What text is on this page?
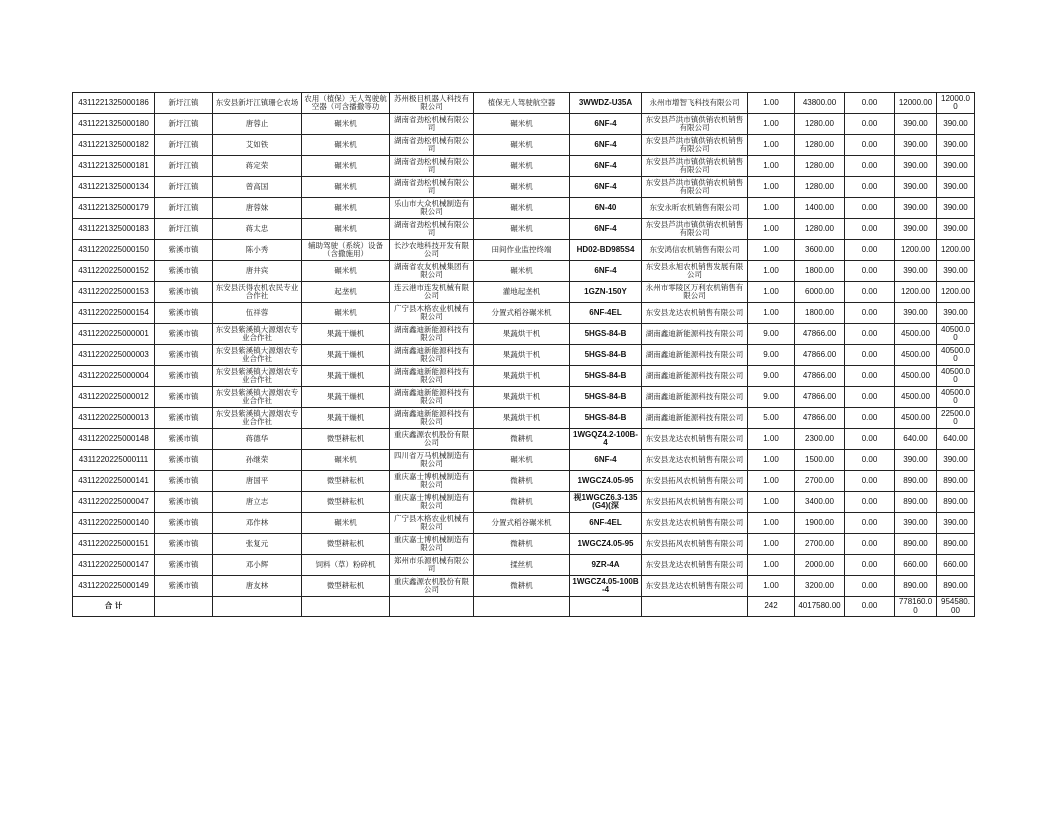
4311221325000186	新圩江镇	东安县新圩江镇珊仑农场	农用（植保）无人驾驶航空器（可含播撒等功	苏州极目机器人科技有限公司	植保无人驾驶航空器	3WWDZ-U35A	永州市增智飞科技有限公司	1.00	43800.00	0.00	12000.00	12000.00
4311221325000180	新圩江镇	唐蓉止	碾米机	湖南省劲松机械有限公司	碾米机	6NF-4	东安县芦洪市镇供销农机销售有限公司	1.00	1280.00	0.00	390.00	390.00
4311221325000182	新圩江镇	艾如铁	碾米机	湖南省劲松机械有限公司	碾米机	6NF-4	东安县芦洪市镇供销农机销售有限公司	1.00	1280.00	0.00	390.00	390.00
4311221325000181	新圩江镇	蒋定荣	碾米机	湖南省劲松机械有限公司	碾米机	6NF-4	东安县芦洪市镇供销农机销售有限公司	1.00	1280.00	0.00	390.00	390.00
4311221325000134	新圩江镇	曾高国	碾米机	湖南省劲松机械有限公司	碾米机	6NF-4	东安县芦洪市镇供销农机销售有限公司	1.00	1280.00	0.00	390.00	390.00
4311221325000179	新圩江镇	唐蓉妹	碾米机	乐山市大众机械制造有限公司	碾米机	6N-40	东安永昕农机销售有限公司	1.00	1400.00	0.00	390.00	390.00
4311221325000183	新圩江镇	蒋太忠	碾米机	湖南省劲松机械有限公司	碾米机	6NF-4	东安县芦洪市镇供销农机销售有限公司	1.00	1280.00	0.00	390.00	390.00
4311220225000150	紫溪市镇	陈小秀	辅助驾驶（系统）设备（含撒施用）	长沙农地科技开发有限公司	田间作业监控终端	HD02-BD985S4	东安鸿信农机销售有限公司	1.00	3600.00	0.00	1200.00	1200.00
4311220225000152	紫溪市镇	唐井宾	碾米机	湖南省农友机械集团有限公司	碾米机	6NF-4	东安县永旭农机销售发展有限公司	1.00	1800.00	0.00	390.00	390.00
4311220225000153	紫溪市镇	东安县沃得农机农民专业合作社	起垄机	连云港市连发机械有限公司	灌地起垄机	1GZN-150Y	永州市零陵区万利农机销售有限公司	1.00	6000.00	0.00	1200.00	1200.00
4311220225000154	紫溪市镇	伍祥蓉	碾米机	广宁县木格农业机械有限公司	分置式稻谷碾米机	6NF-4EL	东安县龙达农机销售有限公司	1.00	1800.00	0.00	390.00	390.00
4311220225000001	紫溪市镇	东安县紫溪镇大源烟农专业合作社	果蔬干燥机	湖南鑫迪新能源科技有限公司	果蔬烘干机	5HGS-84-B	湖南鑫迪新能源科技有限公司	9.00	47866.00	0.00	4500.00	40500.00
4311220225000003	紫溪市镇	东安县紫溪镇大源烟农专业合作社	果蔬干燥机	湖南鑫迪新能源科技有限公司	果蔬烘干机	5HGS-84-B	湖南鑫迪新能源科技有限公司	9.00	47866.00	0.00	4500.00	40500.00
4311220225000004	紫溪市镇	东安县紫溪镇大源烟农专业合作社	果蔬干燥机	湖南鑫迪新能源科技有限公司	果蔬烘干机	5HGS-84-B	湖南鑫迪新能源科技有限公司	9.00	47866.00	0.00	4500.00	40500.00
4311220225000012	紫溪市镇	东安县紫溪镇大源烟农专业合作社	果蔬干燥机	湖南鑫迪新能源科技有限公司	果蔬烘干机	5HGS-84-B	湖南鑫迪新能源科技有限公司	9.00	47866.00	0.00	4500.00	40500.00
4311220225000013	紫溪市镇	东安县紫溪镇大源烟农专业合作社	果蔬干燥机	湖南鑫迪新能源科技有限公司	果蔬烘干机	5HGS-84-B	湖南鑫迪新能源科技有限公司	5.00	47866.00	0.00	4500.00	22500.00
4311220225000148	紫溪市镇	蒋德华	微型耕耘机	重庆鑫源农机股份有限公司	微耕机	1WGQZ4.2-100B-4	东安县龙达农机销售有限公司	1.00	2300.00	0.00	640.00	640.00
4311220225000111	紫溪市镇	孙继荣	碾米机	四川省万马机械制造有限公司	碾米机	6NF-4	东安县龙达农机销售有限公司	1.00	1500.00	0.00	390.00	390.00
4311220225000141	紫溪市镇	唐国平	微型耕耘机	重庆嘉士博机械制造有限公司	微耕机	1WGCZ4.05-95	东安县拓风农机销售有限公司	1.00	2700.00	0.00	890.00	890.00
4311220225000047	紫溪市镇	唐立志	微型耕耘机	重庆嘉士博机械制造有限公司	微耕机	视1WGCZ6.3-135(G4)(深	东安县拓风农机销售有限公司	1.00	3400.00	0.00	890.00	890.00
4311220225000140	紫溪市镇	邓作林	碾米机	广宁县木格农业机械有限公司	分置式稻谷碾米机	6NF-4EL	东安县龙达农机销售有限公司	1.00	1900.00	0.00	390.00	390.00
4311220225000151	紫溪市镇	张复元	微型耕耘机	重庆嘉士博机械制造有限公司	微耕机	1WGCZ4.05-95	东安县拓风农机销售有限公司	1.00	2700.00	0.00	890.00	890.00
4311220225000147	紫溪市镇	邓小辉	饲料（草）粉碎机	郑州市乐源机械有限公司	揉丝机	9ZR-4A	东安县龙达农机销售有限公司	1.00	2000.00	0.00	660.00	660.00
4311220225000149	紫溪市镇	唐友林	微型耕耘机	重庆鑫源农机股份有限公司	微耕机	1WGCZ4.05-100B-4	东安县龙达农机销售有限公司	1.00	3200.00	0.00	890.00	890.00
合 计								242	4017580.00	0.00	778160.00	954580.00
